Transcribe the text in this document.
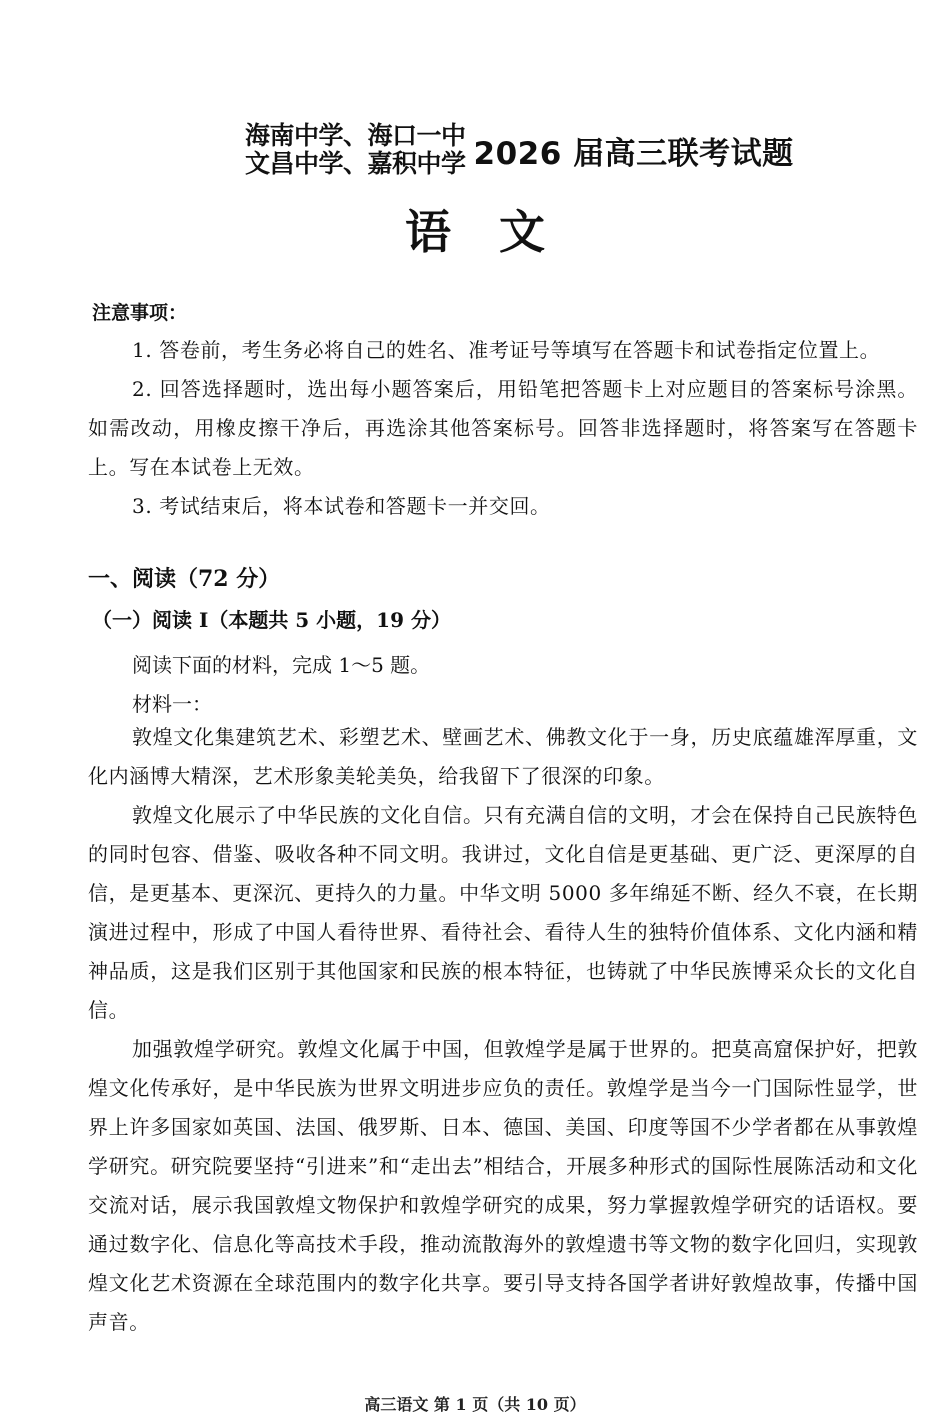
海南中学、海口一中
文昌中学、嘉积中学 2026 届高三联考试题
语文
注意事项：
1. 答卷前，考生务必将自己的姓名、准考证号等填写在答题卡和试卷指定位置上。
2. 回答选择题时，选出每小题答案后，用铅笔把答题卡上对应题目的答案标号涂黑。如需改动，用橡皮擦干净后，再选涂其他答案标号。回答非选择题时，将答案写在答题卡上。写在本试卷上无效。
3. 考试结束后，将本试卷和答题卡一并交回。
一、阅读（72 分）
（一）阅读 I（本题共 5 小题，19 分）
阅读下面的材料，完成 1～5 题。
材料一：
敦煌文化集建筑艺术、彩塑艺术、壁画艺术、佛教文化于一身，历史底蕴雄浑厚重，文化内涵博大精深，艺术形象美轮美奂，给我留下了很深的印象。
敦煌文化展示了中华民族的文化自信。只有充满自信的文明，才会在保持自己民族特色的同时包容、借鉴、吸收各种不同文明。我讲过，文化自信是更基础、更广泛、更深厚的自信，是更基本、更深沉、更持久的力量。中华文明 5000 多年绵延不断、经久不衰，在长期演进过程中，形成了中国人看待世界、看待社会、看待人生的独特价值体系、文化内涵和精神品质，这是我们区别于其他国家和民族的根本特征，也铸就了中华民族博采众长的文化自信。
加强敦煌学研究。敦煌文化属于中国，但敦煌学是属于世界的。把莫高窟保护好，把敦煌文化传承好，是中华民族为世界文明进步应负的责任。敦煌学是当今一门国际性显学，世界上许多国家如英国、法国、俄罗斯、日本、德国、美国、印度等国不少学者都在从事敦煌学研究。研究院要坚持“引进来”和“走出去”相结合，开展多种形式的国际性展陈活动和文化交流对话，展示我国敦煌文物保护和敦煌学研究的成果，努力掌握敦煌学研究的话语权。要通过数字化、信息化等高技术手段，推动流散海外的敦煌遗书等文物的数字化回归，实现敦煌文化艺术资源在全球范围内的数字化共享。要引导支持各国学者讲好敦煌故事，传播中国声音。
高三语文 第 1 页（共 10 页）
